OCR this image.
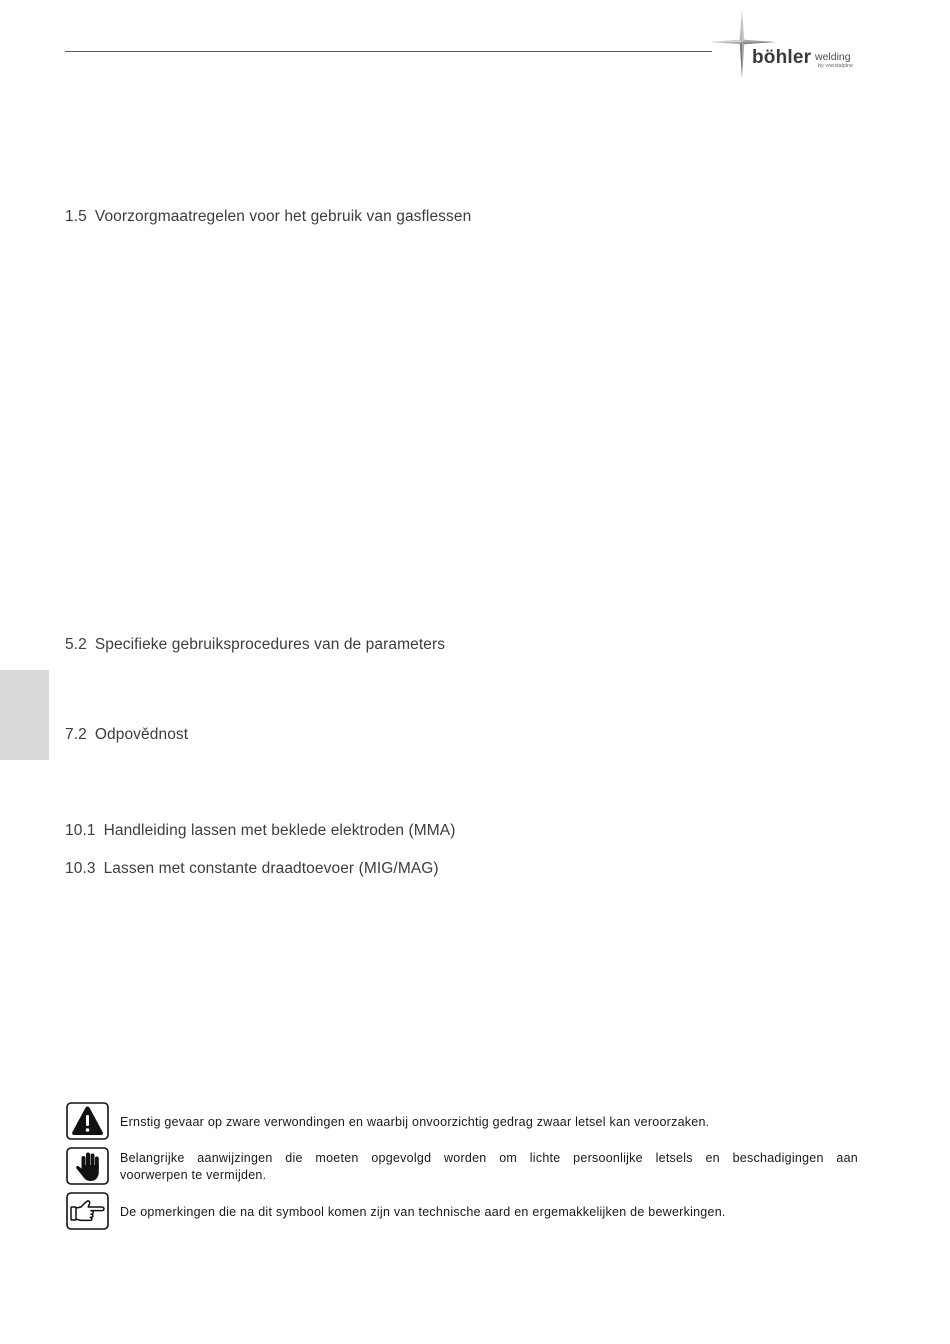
böhler welding
by voestalpine
1.5 Voorzorgmaatregelen voor het gebruik van gasflessen
5.2 Specifieke gebruiksprocedures van de parameters
7.2 Odpovědnost
10.1 Handleiding lassen met beklede elektroden (MMA)
10.3 Lassen met constante draadtoevoer (MIG/MAG)
Ernstig gevaar op zware verwondingen en waarbij onvoorzichtig gedrag zwaar letsel kan veroorzaken.
Belangrijke aanwijzingen die moeten opgevolgd worden om lichte persoonlijke letsels en beschadigingen aan
voorwerpen te vermijden.
De opmerkingen die na dit symbool komen zijn van technische aard en ergemakkelijken de bewerkingen.
